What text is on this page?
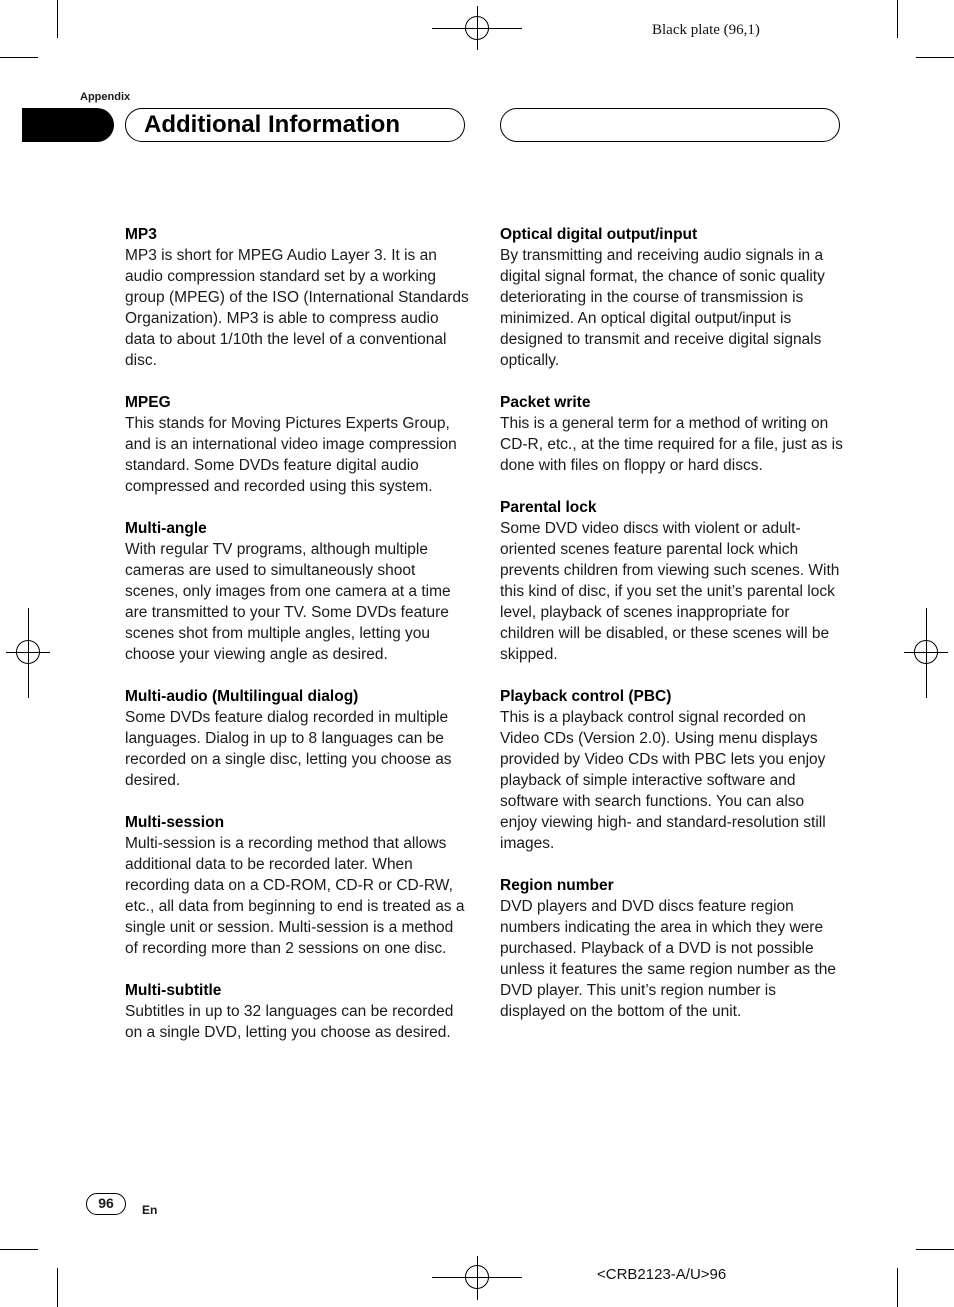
Black plate (96,1)
Appendix
Additional Information
MP3

MP3 is short for MPEG Audio Layer 3. It is an audio compression standard set by a working group (MPEG) of the ISO (International Standards Organization). MP3 is able to compress audio data to about 1/10th the level of a conventional disc.

MPEG

This stands for Moving Pictures Experts Group, and is an international video image compression standard. Some DVDs feature digital audio compressed and recorded using this system.

Multi-angle

With regular TV programs, although multiple cameras are used to simultaneously shoot scenes, only images from one camera at a time are transmitted to your TV. Some DVDs feature scenes shot from multiple angles, letting you choose your viewing angle as desired.

Multi-audio (Multilingual dialog)

Some DVDs feature dialog recorded in multiple languages. Dialog in up to 8 languages can be recorded on a single disc, letting you choose as desired.

Multi-session

Multi-session is a recording method that allows additional data to be recorded later. When recording data on a CD-ROM, CD-R or CD-RW, etc., all data from beginning to end is treated as a single unit or session. Multi-session is a method of recording more than 2 sessions on one disc.

Multi-subtitle

Subtitles in up to 32 languages can be recorded on a single DVD, letting you choose as desired.

Optical digital output/input

By transmitting and receiving audio signals in a digital signal format, the chance of sonic quality deteriorating in the course of transmission is minimized. An optical digital output/input is designed to transmit and receive digital signals optically.

Packet write

This is a general term for a method of writing on CD-R, etc., at the time required for a file, just as is done with files on floppy or hard discs.

Parental lock

Some DVD video discs with violent or adult-oriented scenes feature parental lock which prevents children from viewing such scenes. With this kind of disc, if you set the unit’s parental lock level, playback of scenes inappropriate for children will be disabled, or these scenes will be skipped.

Playback control (PBC)

This is a playback control signal recorded on Video CDs (Version 2.0). Using menu displays provided by Video CDs with PBC lets you enjoy playback of simple interactive software and software with search functions. You can also enjoy viewing high- and standard-resolution still images.

Region number

DVD players and DVD discs feature region numbers indicating the area in which they were purchased. Playback of a DVD is not possible unless it features the same region number as the DVD player. This unit’s region number is displayed on the bottom of the unit.

96	En
<CRB2123-A/U>96
